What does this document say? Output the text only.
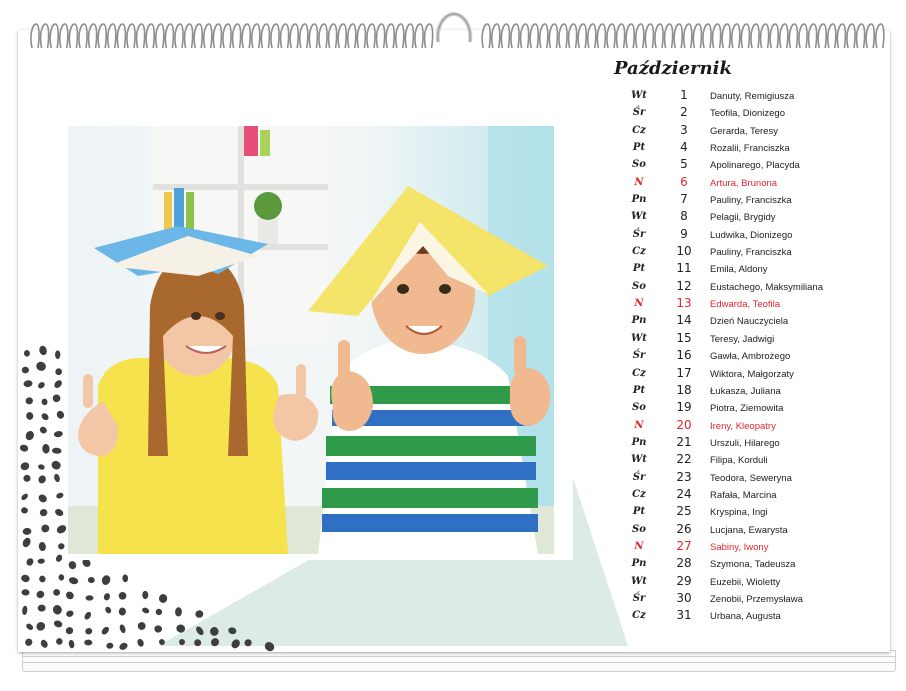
Październik
Wt	1	Danuty, Remigiusza
Śr	2	Teofila, Dionizego
Cz	3	Gerarda, Teresy
Pt	4	Rozalii, Franciszka
So	5	Apolinarego, Placyda
N	6	Artura, Brunona
Pn	7	Pauliny, Franciszka
Wt	8	Pelagii, Brygidy
Śr	9	Ludwika, Dionizego
Cz	10 Pauliny, Franciszka
Pt	11 Emila, Aldony
So	12 Eustachego, Maksymiliana
N	13 Edwarda, Teofila
Pn	14 Dzień Nauczyciela
Wt 15 Teresy, Jadwigi
Śr	16 Gawła, Ambrożego
Cz	17 Wiktora, Małgorzaty
Pt	18 Łukasza, Juliana
So	19 Piotra, Ziemowita
N	20 Ireny, Kleopatry
Pn	21 Urszuli, Hilarego
Wt 22 Filipa, Korduli
Śr	23 Teodora, Seweryna
Cz	24 Rafała, Marcina
Pt	25 Kryspina, Ingi
So	26 Lucjana, Ewarysta
N	27 Sabiny, Iwony
Pn	28 Szymona, Tadeusza
Wt 29 Euzebii, Wioletty
Śr	30 Zenobii, Przemysława
Cz	31 Urbana, Augusta
